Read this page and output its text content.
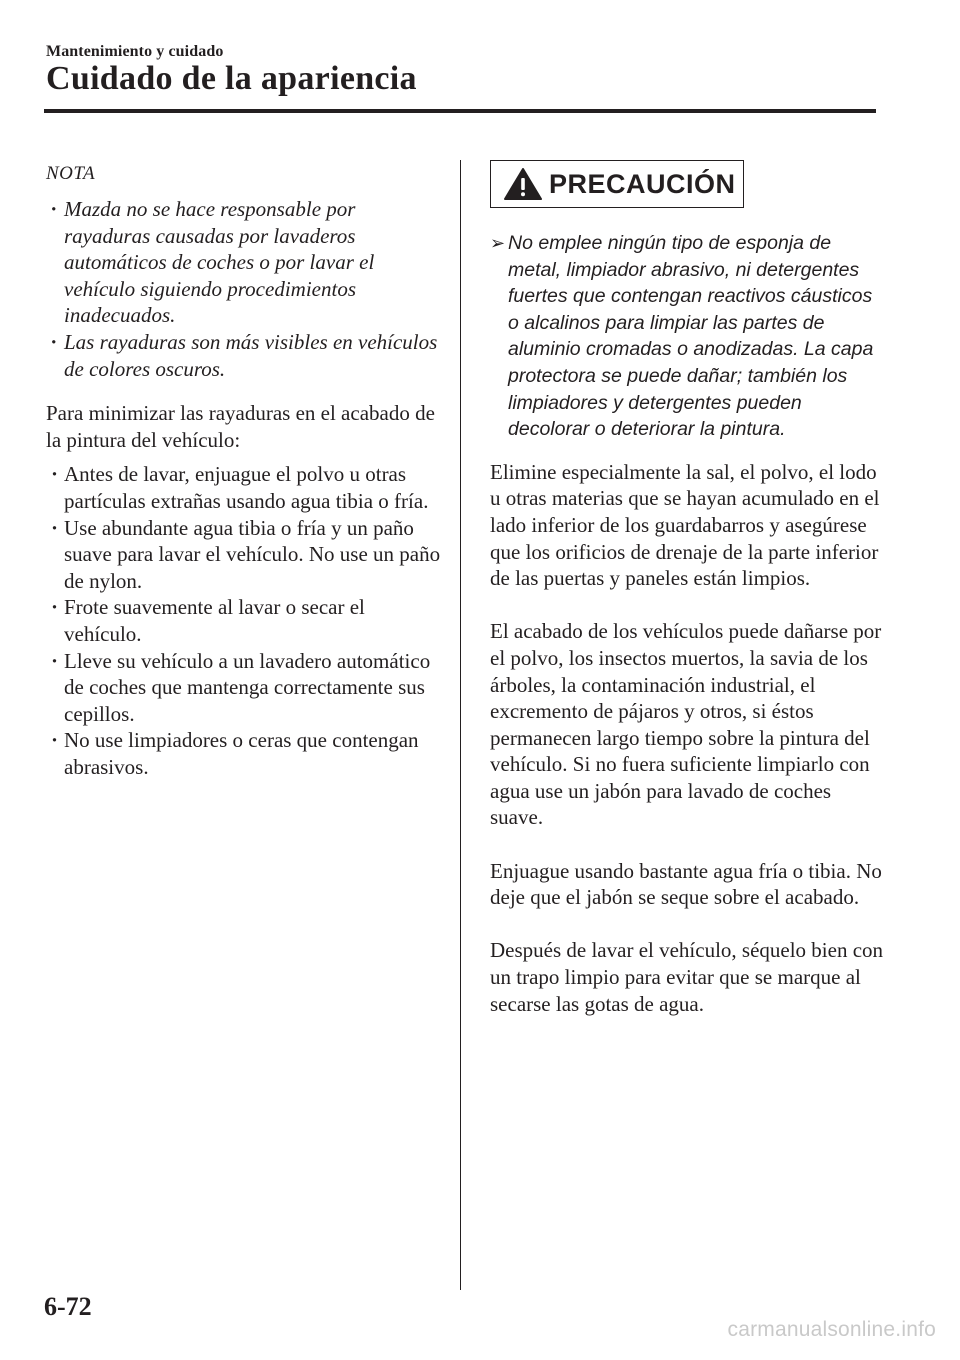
Mantenimiento y cuidado
Cuidado de la apariencia
NOTA
· Mazda no se hace responsable por rayaduras causadas por lavaderos automáticos de coches o por lavar el vehículo siguiendo procedimientos inadecuados.
· Las rayaduras son más visibles en vehículos de colores oscuros.

Para minimizar las rayaduras en el acabado de la pintura del vehículo:

· Antes de lavar, enjuague el polvo u otras partículas extrañas usando agua tibia o fría.
· Use abundante agua tibia o fría y un paño suave para lavar el vehículo. No use un paño de nylon.
· Frote suavemente al lavar o secar el vehículo.
· Lleve su vehículo a un lavadero automático de coches que mantenga correctamente sus cepillos.
· No use limpiadores o ceras que contengan abrasivos.
PRECAUCIÓN

➢ No emplee ningún tipo de esponja de metal, limpiador abrasivo, ni detergentes fuertes que contengan reactivos cáusticos o alcalinos para limpiar las partes de aluminio cromadas o anodizadas. La capa protectora se puede dañar; también los limpiadores y detergentes pueden decolorar o deteriorar la pintura.

Elimine especialmente la sal, el polvo, el lodo u otras materias que se hayan acumulado en el lado inferior de los guardabarros y asegúrese que los orificios de drenaje de la parte inferior de las puertas y paneles están limpios.

El acabado de los vehículos puede dañarse por el polvo, los insectos muertos, la savia de los árboles, la contaminación industrial, el excremento de pájaros y otros, si éstos permanecen largo tiempo sobre la pintura del vehículo. Si no fuera suficiente limpiarlo con agua use un jabón para lavado de coches suave.

Enjuague usando bastante agua fría o tibia. No deje que el jabón se seque sobre el acabado.

Después de lavar el vehículo, séquelo bien con un trapo limpio para evitar que se marque al secarse las gotas de agua.

6-72
carmanualsonline.info
